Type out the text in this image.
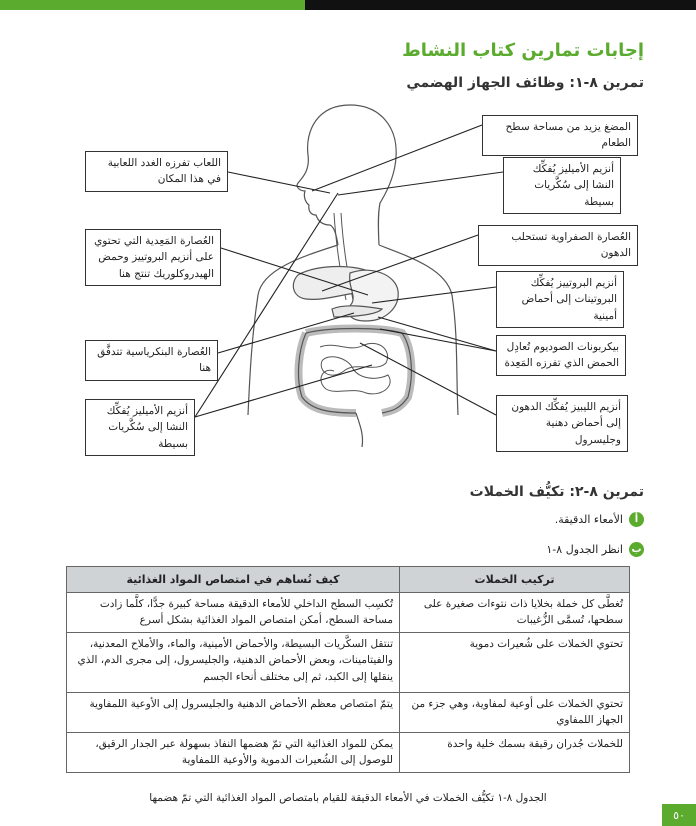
إجابات تمارين كتاب النشاط
تمرين ٨-١: وظائف الجهاز الهضمي
المضغ يزيد من مساحة سطح الطعام
أنزيم الأميليز يُفكِّك النشا إلى سُكَّريات بسيطة
العُصارة الصفراوية تستحلب الدهون
أنزيم البروتييز يُفكِّك البروتينات إلى أحماض أمينية
بيكربونات الصوديوم تُعادِل الحمض الذي تفرزه المَعِدة
أنزيم الليبيز يُفكِّك الدهون إلى أحماض دهنية وجليسرول
اللعاب تفرزه الغدد اللعابية في هذا المكان
العُصارة المَعِدية التي تحتوي على أنزيم البروتييز وحمض الهيدروكلوريك تنتج هنا
العُصارة البنكرياسية تتدفَّق هنا
أنزيم الأميليز يُفكِّك النشا إلى سُكَّريات بسيطة
تمرين ٨-٢: تكيُّف الخملات
أ
الأمعاء الدقيقة.
ب
انظر الجدول ٨-١
تركيب الخملات	كيف تُساهم في امتصاص المواد الغذائية
تُغطَّى كل خملة بخلايا ذات نتوءات صغيرة على سطحها، تُسمَّى الزُّغيبات	تُكسِب السطح الداخلي للأمعاء الدقيقة مساحة كبيرة جدًّا، كلَّما زادت مساحة السطح، أمكن امتصاص المواد الغذائية بشكل أسرع
تحتوي الخملات على شُعيرات دموية	تنتقل السكَّريات البسيطة، والأحماض الأمينية، والماء، والأملاح المعدنية، والفيتامينات، وبعض الأحماض الدهنية، والجليسرول، إلى مجرى الدم، الذي ينقلها إلى الكبد، ثم إلى مختلف أنحاء الجسم
تحتوي الخملات على أوعية لمفاوية، وهي جزء من الجهاز اللمفاوي	يتمّ امتصاص معظم الأحماض الدهنية والجليسرول إلى الأوعية اللمفاوية
للخملات جُدران رقيقة بسمك خلية واحدة	يمكن للمواد الغذائية التي تمّ هضمها النفاذ بسهولة عبر الجدار الرقيق، للوصول إلى الشُعيرات الدموية والأوعية اللمفاوية
الجدول ٨-١ تكيُّف الخملات في الأمعاء الدقيقة للقيام بامتصاص المواد الغذائية التي تمّ هضمها
٥٠
